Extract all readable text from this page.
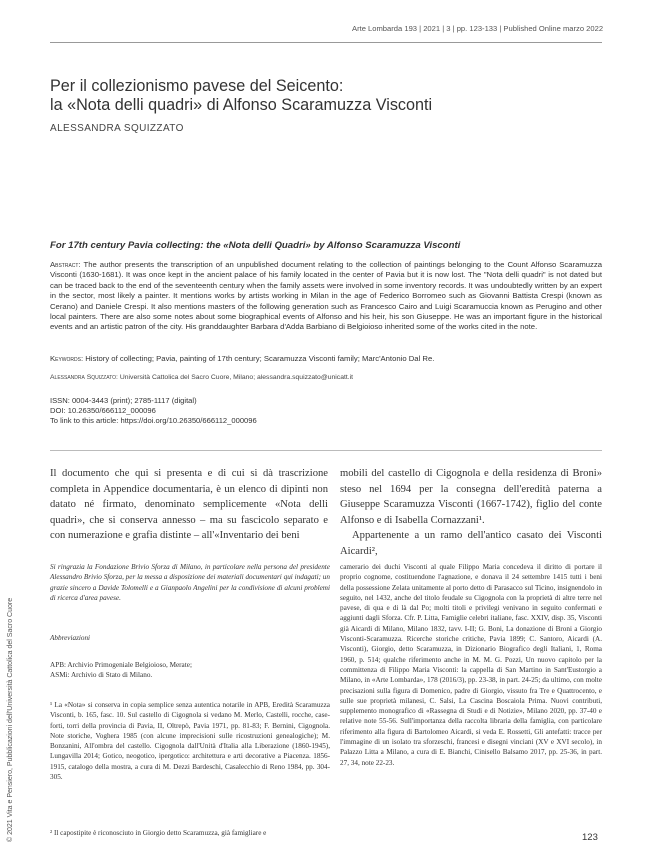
Arte Lombarda 193 | 2021 | 3 | pp. 123-133 | Published Online marzo 2022
Per il collezionismo pavese del Seicento:
la «Nota delli quadri» di Alfonso Scaramuzza Visconti
ALESSANDRA SQUIZZATO
For 17th century Pavia collecting: the «Nota delli Quadri» by Alfonso Scaramuzza Visconti

Abstract: The author presents the transcription of an unpublished document relating to the collection of paintings belonging to the Count Alfonso Scaramuzza Visconti (1630-1681). It was once kept in the ancient palace of his family located in the center of Pavia but it is now lost. The "Nota delli quadri" is not dated but can be traced back to the end of the seventeenth century when the family assets were involved in some inventory records. It was undoubtedly written by an expert in the sector, most likely a painter. It mentions works by artists working in Milan in the age of Federico Borromeo such as Giovanni Battista Crespi (known as Cerano) and Daniele Crespi. It also mentions masters of the following generation such as Francesco Cairo and Luigi Scaramuccia known as Perugino and other local painters. There are also some notes about some biographical events of Alfonso and his heir, his son Giuseppe. He was an important figure in the historical events and an artistic patron of the city. His granddaughter Barbara d'Adda Barbiano di Belgioioso inherited some of the works cited in the note.

Keywords: History of collecting; Pavia, painting of 17th century; Scaramuzza Visconti family; Marc'Antonio Dal Re.

Alessandra Squizzato: Università Cattolica del Sacro Cuore, Milano; alessandra.squizzato@unicatt.it

ISSN: 0004-3443 (print); 2785-1117 (digital)
DOI: 10.26350/666112_000096
To link to this article: https://doi.org/10.26350/666112_000096

Il documento che qui si presenta e di cui si dà trascrizione completa in Appendice documentaria, è un elenco di dipinti non datato né firmato, denominato semplicemente «Nota delli quadri», che si conserva annesso – ma su fascicolo separato e con numerazione e grafia distinte – all'«Inventario dei beni

mobili del castello di Cigognola e della residenza di Broni» steso nel 1694 per la consegna dell'eredità paterna a Giuseppe Scaramuzza Visconti (1667-1742), figlio del conte Alfonso e di Isabella Cornazzani¹.

Appartenente a un ramo dell'antico casato dei Visconti Aicardi²,

Si ringrazia la Fondazione Brivio Sforza di Milano, in particolare nella persona del presidente Alessandro Brivio Sforza, per la messa a disposizione dei materiali documentari qui indagati; un grazie sincero a Davide Tolomelli e a Gianpaolo Angelini per la condivisione di alcuni problemi di ricerca d'area pavese.

Abbreviazioni

APB: Archivio Primogeniale Belgioioso, Merate;
ASMi: Archivio di Stato di Milano.

¹ La «Nota» si conserva in copia semplice senza autentica notarile in APB, Eredità Scaramuzza Visconti, b. 165, fasc. 10. Sul castello di Cigognola si vedano M. Merlo, Castelli, rocche, case-forti, torri della provincia di Pavia, II, Oltrepò, Pavia 1971, pp. 81-83; F. Bernini, Cigognola. Note storiche, Voghera 1985 (con alcune imprecisioni sulle ricostruzioni genealogiche); M. Bonzanini, All'ombra del castello. Cigognola dall'Unità d'Italia alla Liberazione (1860-1945), Lungavilla 2014; Gotico, neogotico, ipergotico: architettura e arti decorative a Piacenza. 1856-1915, catalogo della mostra, a cura di M. Dezzi Bardeschi, Casalecchio di Reno 1984, pp. 304-305.

² Il capostipite è riconosciuto in Giorgio detto Scaramuzza, già famigliare e

camerario dei duchi Visconti al quale Filippo Maria concedeva il diritto di portare il proprio cognome, costituendone l'agnazione, e donava il 24 settembre 1415 tutti i beni della possessione Zelata unitamente al porto detto di Parasacco sul Ticino, insignendolo in seguito, nel 1432, anche del titolo feudale su Cigognola con la proprietà di altre terre nel pavese, di qua e di là dal Po; molti titoli e privilegi venivano in seguito confermati e aggiunti dagli Sforza. Cfr. P. Litta, Famiglie celebri italiane, fasc. XXIV, disp. 35, Visconti già Aicardi di Milano, Milano 1832, tavv. I-II; G. Boni, La donazione di Broni a Giorgio Visconti-Scaramuzza. Ricerche storiche critiche, Pavia 1899; C. Santoro, Aicardi (A. Visconti), Giorgio, detto Scaramuzza, in Dizionario Biografico degli Italiani, 1, Roma 1960, p. 514; qualche riferimento anche in M. M. G. Pozzi, Un nuovo capitolo per la committenza di Filippo Maria Visconti: la cappella di San Martino in Sant'Eustorgio a Milano, in «Arte Lombarda», 178 (2016/3), pp. 23-38, in part. 24-25; da ultimo, con molte precisazioni sulla figura di Domenico, padre di Giorgio, vissuto fra Tre e Quattrocento, e sulle sue proprietà milanesi, C. Salsi, La Cascina Boscaiola Prima. Nuovi contributi, supplemento monografico di «Rassegna di Studi e di Notizie», Milano 2020, pp. 37-40 e relative note 55-56. Sull'importanza della raccolta libraria della famiglia, con particolare riferimento alla figura di Bartolomeo Aicardi, si veda E. Rossetti, Gli antefatti: tracce per l'immagine di un isolato tra sforzeschi, francesi e disegni vinciani (XV e XVI secolo), in Palazzo Litta a Milano, a cura di E. Bianchi, Cinisello Balsamo 2017, pp. 25-36, in part. 27, 34, note 22-23.

© 2021 Vita e Pensiero, Pubblicazioni dell'Università Cattolica del Sacro Cuore	123
